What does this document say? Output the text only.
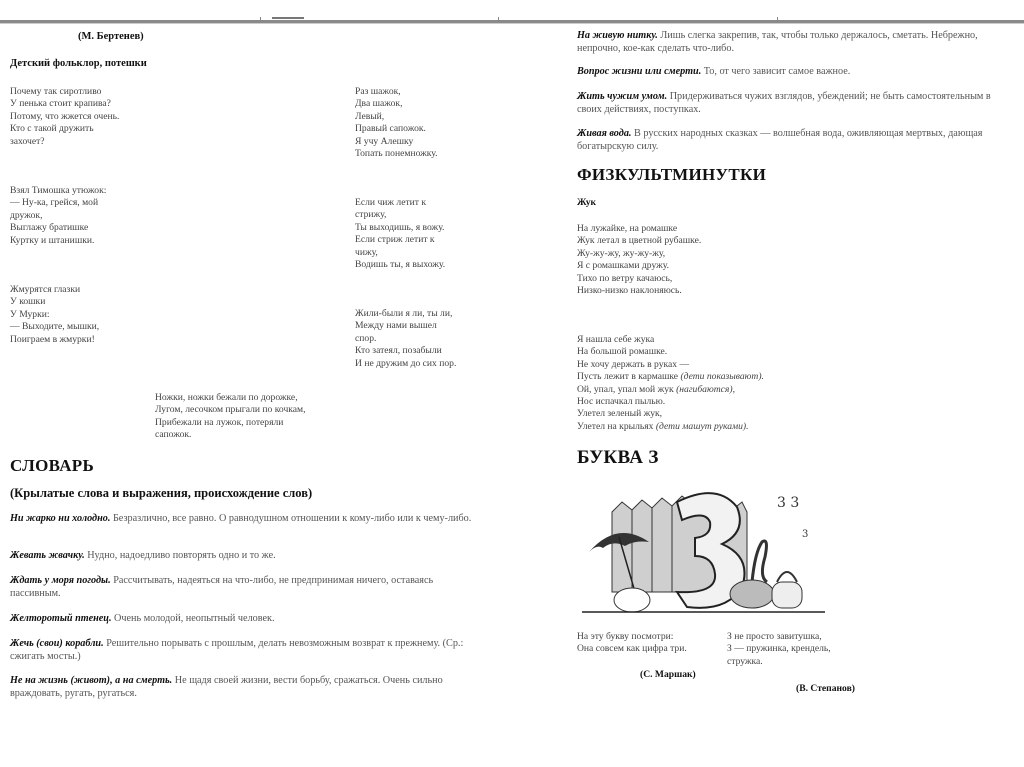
(М. Бертенев)
Детский фольклор, потешки
Почему так сиротливо
У пенька стоит крапива?
Потому, что жжется очень.
Кто с такой дружить
захочет?
Взял Тимошка утюжок:
— Ну-ка, грейся, мой
дружок,
Выглажу братишке
Куртку и штанишки.
Жмурятся глазки
У кошки
У Мурки:
— Выходите, мышки,
Поиграем в жмурки!
Раз шажок,
Два шажок,
Левый,
Правый сапожок.
Я учу Алешку
Топать понемножку.
Если чиж летит к
стрижу,
Ты выходишь, я вожу.
Если стриж летит к
чижу,
Водишь ты, я выхожу.
Жили-были я ли, ты ли,
Между нами вышел
спор.
Кто затеял, позабыли
И не дружим до сих пор.
Ножки, ножки бежали по дорожке,
Лугом, лесочком прыгали по кочкам,
Прибежали на лужок, потеряли
сапожок.
СЛОВАРЬ
(Крылатые слова и выражения, происхождение слов)
Ни жарко ни холодно. Безразлично, все равно. О равнодушном отношении к кому-либо или к чему-либо.
Жевать жвачку. Нудно, надоедливо повторять одно и то же.
Ждать у моря погоды. Рассчитывать, надеяться на что-либо, не предпринимая ничего, оставаясь пассивным.
Желторотый птенец. Очень молодой, неопытный человек.
Жечь (свои) корабли. Решительно порывать с прошлым, делать невозможным возврат к прежнему. (Ср.: сжигать мосты.)
Не на жизнь (живот), а на смерть. Не щадя своей жизни, вести борьбу, сражаться. Очень сильно враждовать, ругать, ругаться.
На живую нитку. Лишь слегка закрепив, так, чтобы только держалось, сметать. Небрежно, непрочно, кое-как сделать что-либо.
Вопрос жизни или смерти. То, от чего зависит самое важное.
Жить чужим умом. Придерживаться чужих взглядов, убеждений; не быть самостоятельным в своих действиях, поступках.
Живая вода. В русских народных сказках — волшебная вода, оживляющая мертвых, дающая богатырскую силу.
ФИЗКУЛЬТМИНУТКИ
Жук
На лужайке, на ромашке
Жук летал в цветной рубашке.
Жу-жу-жу, жу-жу-жу,
Я с ромашками дружу.
Тихо по ветру качаюсь,
Низко-низко наклоняюсь.
Я нашла себе жука
На большой ромашке.
Не хочу держать в руках —
Пусть лежит в кармашке (дети показывают).
Ой, упал, упал мой жук (нагибаются),
Нос испачкал пылью.
Улетел зеленый жук,
Улетел на крыльях (дети машут руками).
БУКВА З
3 3
3
На эту букву посмотри:
Она совсем как цифра три.
З не просто завитушка,
З — пружинка, крендель,
стружка.
(С. Маршак)
(В. Степанов)
